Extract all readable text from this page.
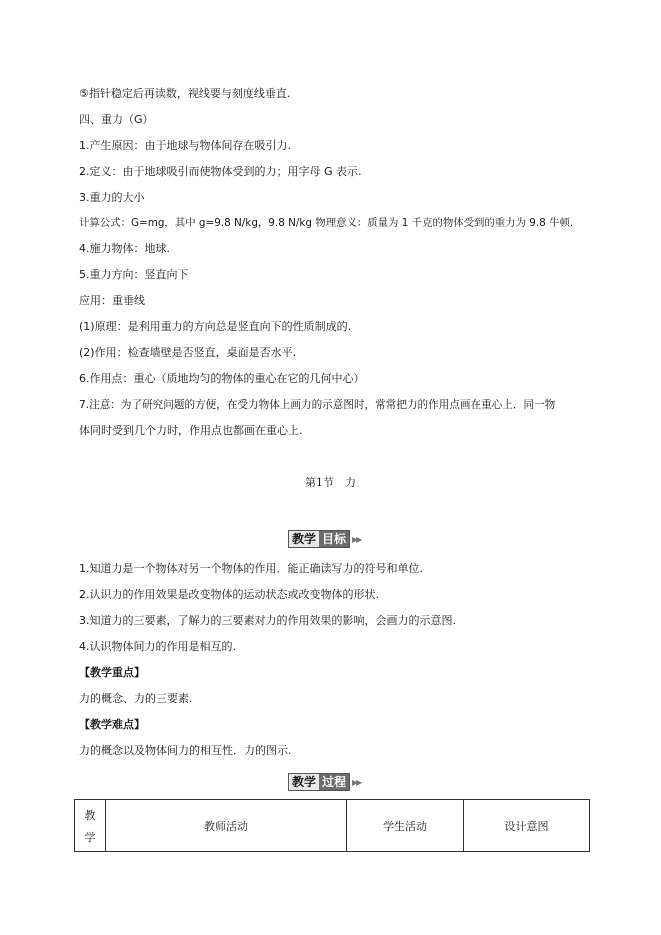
⑤指针稳定后再读数，视线要与刻度线垂直.
四、重力（G）
1.产生原因：由于地球与物体间存在吸引力.
2.定义：由于地球吸引而使物体受到的力；用字母 G 表示.
3.重力的大小
计算公式：G=mg，其中 g=9.8 N/kg，9.8 N/kg 物理意义：质量为 1 千克的物体受到的重力为 9.8 牛顿.
4.施力物体：地球.
5.重力方向：竖直向下
应用：重垂线
(1)原理：是利用重力的方向总是竖直向下的性质制成的.
(2)作用：检查墙壁是否竖直，桌面是否水平.
6.作用点：重心（质地均匀的物体的重心在它的几何中心）
7.注意：为了研究问题的方便，在受力物体上画力的示意图时，常常把力的作用点画在重心上．同一物
体同时受到几个力时，作用点也都画在重心上.
第1节　力
教学 目标 ▶▶
1.知道力是一个物体对另一个物体的作用．能正确读写力的符号和单位.
2.认识力的作用效果是改变物体的运动状态或改变物体的形状.
3.知道力的三要素，了解力的三要素对力的作用效果的影响，会画力的示意图.
4.认识物体间力的作用是相互的.
【教学重点】
力的概念、力的三要素.
【教学难点】
力的概念以及物体间力的相互性．力的图示.
教学 过程 ▶▶
教
学
	教师活动	学生活动	设计意图
